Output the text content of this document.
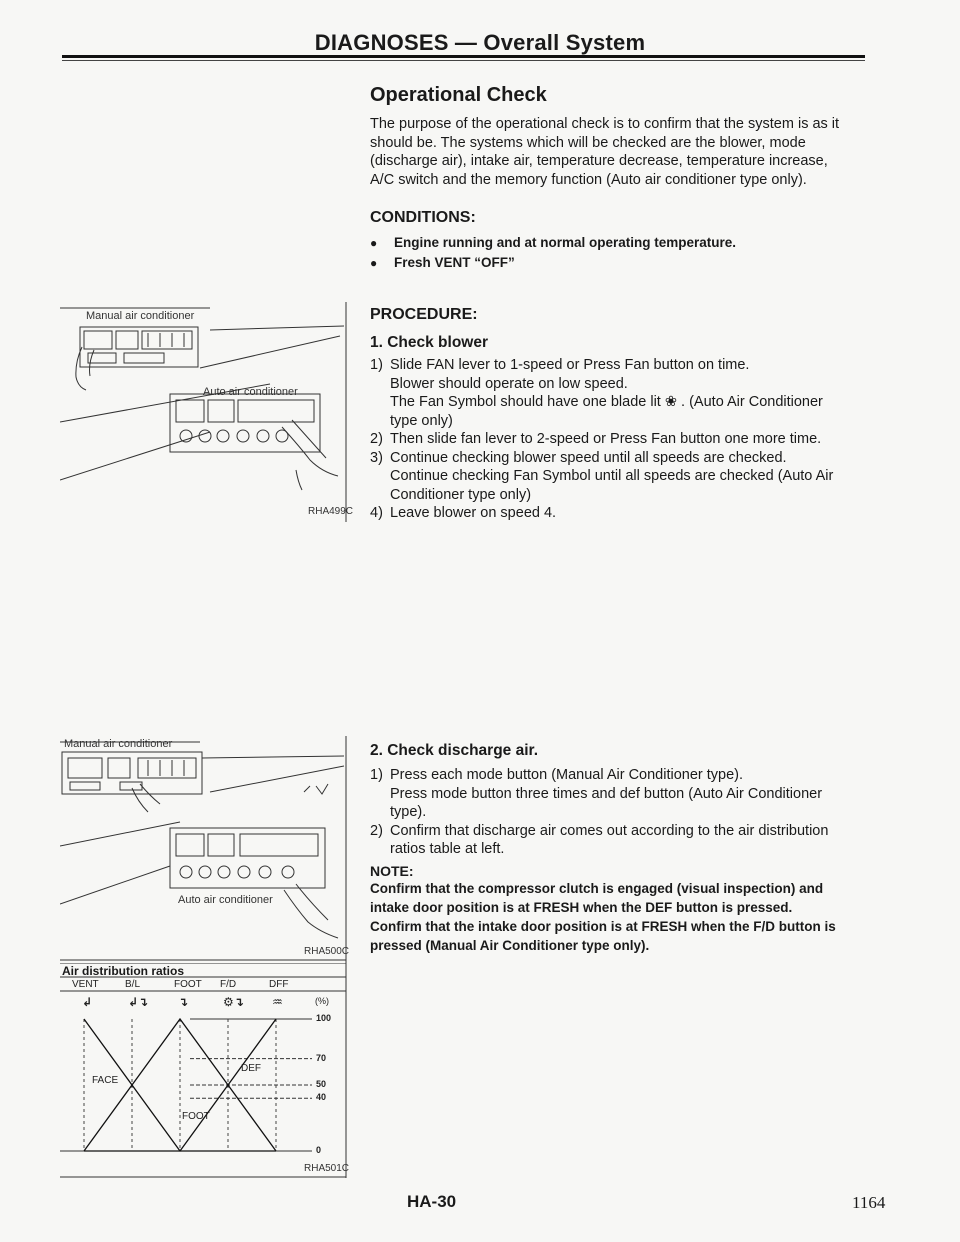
DIAGNOSES — Overall System
Operational Check

The purpose of the operational check is to confirm that the system is as it should be. The systems which will be checked are the blower, mode (discharge air), intake air, temperature decrease, temperature increase, A/C switch and the memory function (Auto air conditioner type only).

CONDITIONS:
● Engine running and at normal operating temperature.
● Fresh VENT “OFF”
PROCEDURE:
1. Check blower
1) Slide FAN lever to 1-speed or Press Fan button on time.
Blower should operate on low speed.
The Fan Symbol should have one blade lit ❀ . (Auto Air Conditioner type only)
2) Then slide fan lever to 2-speed or Press Fan button one more time.
3) Continue checking blower speed until all speeds are checked.
Continue checking Fan Symbol until all speeds are checked (Auto Air Conditioner type only)
4) Leave blower on speed 4.
2. Check discharge air.
1) Press each mode button (Manual Air Conditioner type).
Press mode button three times and def button (Auto Air Conditioner type).
2) Confirm that discharge air comes out according to the air distribution ratios table at left.

NOTE:

Confirm that the compressor clutch is engaged (visual inspection) and intake door position is at FRESH when the DEF button is pressed.

Confirm that the intake door position is at FRESH when the F/D button is pressed (Manual Air Conditioner type only).

Manual air conditioner
Auto air conditioner
RHA499C
Manual air conditioner
Auto air conditioner
RHA500C
Air distribution ratios
VENT	B/L	FOOT F/D	DFF
↲	↲↴ ↴	⚙↴ ♒	(%)
100
70
50
40
0
FACE
FOOT
DEF
RHA501C
HA-30	1164
